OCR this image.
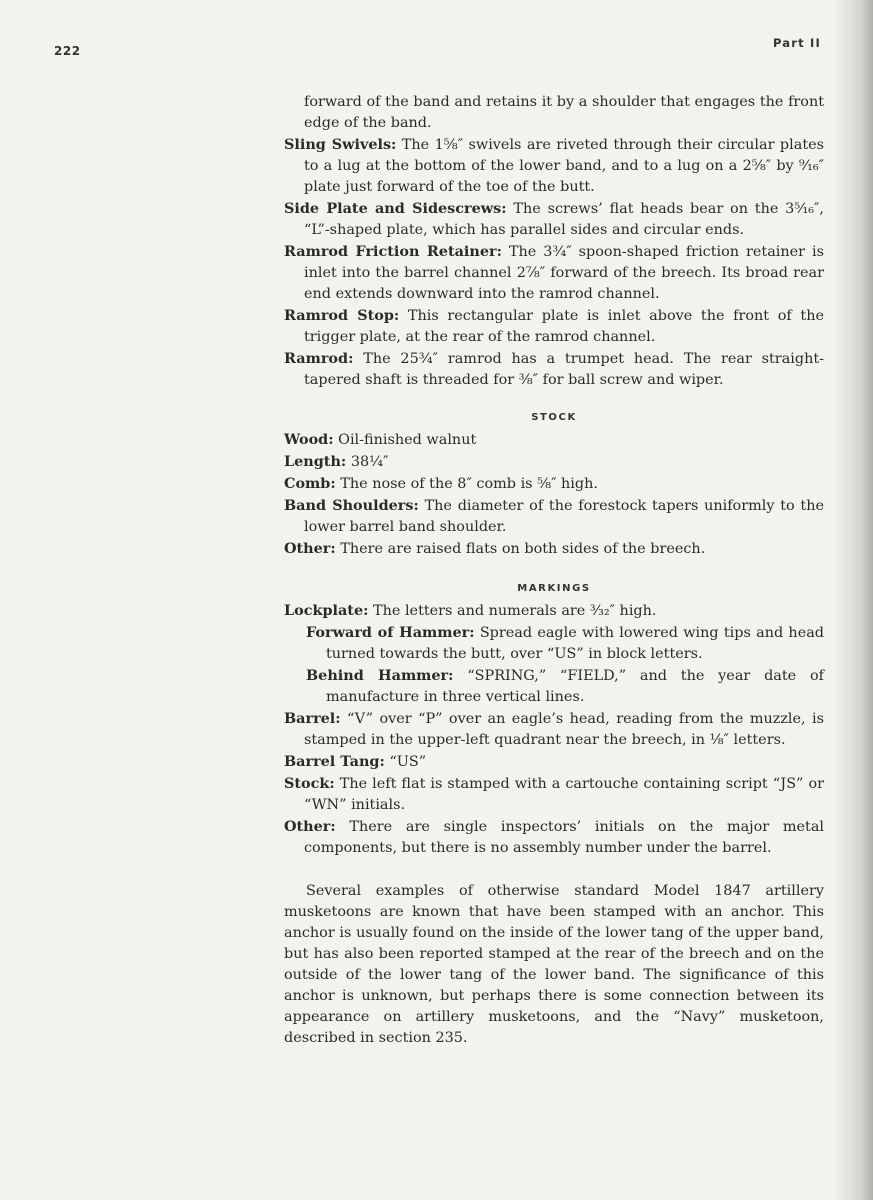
222
Part II

forward of the band and retains it by a shoulder that engages the front edge of the band.

Sling Swivels: The 1⁵⁄₈″ swivels are riveted through their circular plates to a lug at the bottom of the lower band, and to a lug on a 2⁵⁄₈″ by ⁹⁄₁₆″ plate just forward of the toe of the butt.

Side Plate and Sidescrews: The screws’ flat heads bear on the 3⁵⁄₁₆″, “L”-shaped plate, which has parallel sides and circular ends.

Ramrod Friction Retainer: The 3³⁄₄″ spoon-shaped friction retainer is inlet into the barrel channel 2⁷⁄₈″ forward of the breech. Its broad rear end extends downward into the ramrod channel.

Ramrod Stop: This rectangular plate is inlet above the front of the trigger plate, at the rear of the ramrod channel.

Ramrod: The 25³⁄₄″ ramrod has a trumpet head. The rear straight-tapered shaft is threaded for ³⁄₈″ for ball screw and wiper.

STOCK

Wood: Oil-finished walnut

Length: 38¹⁄₄″

Comb: The nose of the 8″ comb is ⁵⁄₈″ high.

Band Shoulders: The diameter of the forestock tapers uniformly to the lower barrel band shoulder.

Other: There are raised flats on both sides of the breech.

MARKINGS

Lockplate: The letters and numerals are ³⁄₃₂″ high.

Forward of Hammer: Spread eagle with lowered wing tips and head turned towards the butt, over “US” in block letters.

Behind Hammer: “SPRING,” “FIELD,” and the year date of manufacture in three vertical lines.

Barrel: “V” over “P” over an eagle’s head, reading from the muzzle, is stamped in the upper-left quadrant near the breech, in ¹⁄₈″ letters.

Barrel Tang: “US”

Stock: The left flat is stamped with a cartouche containing script “JS” or “WN” initials.

Other: There are single inspectors’ initials on the major metal components, but there is no assembly number under the barrel.

Several examples of otherwise standard Model 1847 artillery musketoons are known that have been stamped with an anchor. This anchor is usually found on the inside of the lower tang of the upper band, but has also been reported stamped at the rear of the breech and on the outside of the lower tang of the lower band. The significance of this anchor is unknown, but perhaps there is some connection between its appearance on artillery musketoons, and the “Navy” musketoon, described in section 235.
